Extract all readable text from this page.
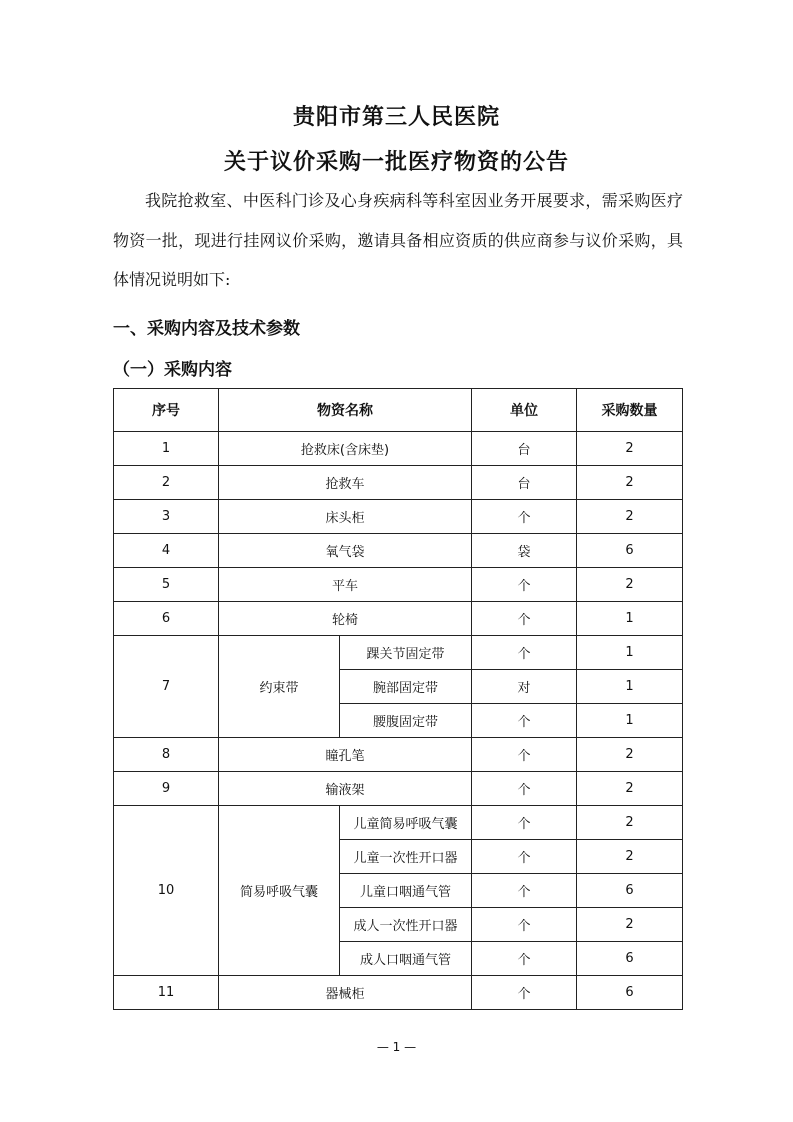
贵阳市第三人民医院
关于议价采购一批医疗物资的公告
我院抢救室、中医科门诊及心身疾病科等科室因业务开展要求，需采购医疗物资一批，现进行挂网议价采购，邀请具备相应资质的供应商参与议价采购，具体情况说明如下:
一、采购内容及技术参数
（一）采购内容
序号	物资名称		单位	采购数量
1	抢救床(含床垫)		台	2
2	抢救车		台	2
3	床头柜		个	2
4	氧气袋		袋	6
5	平车		个	2
6	轮椅		个	1
7	约束带	踝关节固定带	个	1
		腕部固定带	对	1
		腰腹固定带	个	1
8	瞳孔笔		个	2
9	输液架		个	2
10	简易呼吸气囊	儿童简易呼吸气囊	个	2
		儿童一次性开口器	个	2
		儿童口咽通气管	个	6
		成人一次性开口器	个	2
		成人口咽通气管	个	6
11	器械柜		个	6
— 1 —
